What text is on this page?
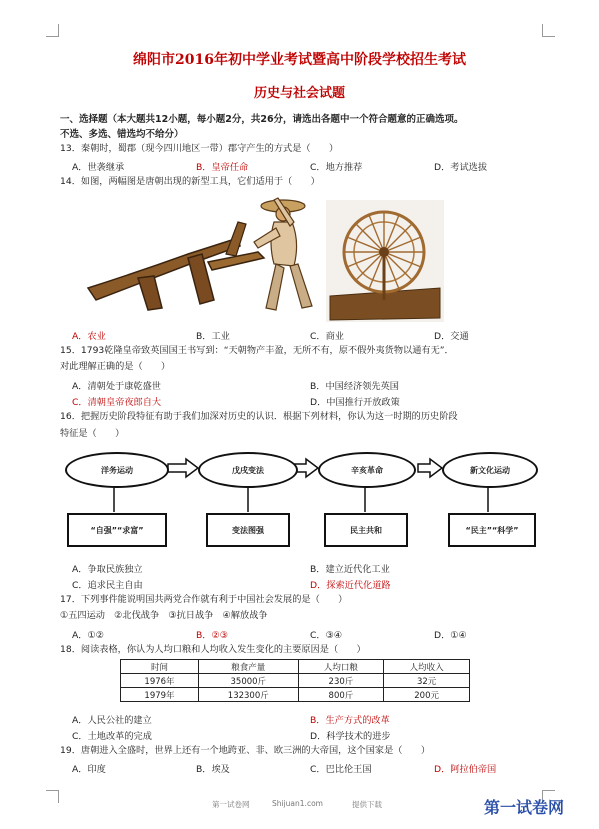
绵阳市2016年初中学业考试暨高中阶段学校招生考试
历史与社会试题
一、选择题（本大题共12小题，每小题2分，共26分，请选出各题中一个符合题意的正确选项。
不选、多选、错选均不给分）
13．秦朝时，蜀郡（现今四川地区一带）郡守产生的方式是（　　）
A．世袭继承	B．皇帝任命	C．地方推荐	D．考试选拔
14．如图，两幅图是唐朝出现的新型工具，它们适用于（　　）
A．农业	B．工业	C．商业	D．交通
15．1793乾隆皇帝致英国国王书写到：“天朝物产丰盈，无所不有，原不假外夷货物以通有无”．
对此理解正确的是（　　）
A．清朝处于康乾盛世	B．中国经济领先英国
C．清朝皇帝夜郎自大	D．中国推行开放政策
16．把握历史阶段特征有助于我们加深对历史的认识．根据下列材料，你认为这一时期的历史阶段
特征是（　　）
洋务运动	戊戌变法	辛亥革命	新文化运动
“自强”“求富”	变法图强	民主共和	“民主”“科学”
A．争取民族独立	B．建立近代化工业
C．追求民主自由	D．探索近代化道路
17．下列事件能说明国共两党合作就有利于中国社会发展的是（　　）
①五四运动　②北伐战争　③抗日战争　④解放战争
A．①②	B．②③	C．③④	D．①④
18．阅读表格，你认为人均口粮和人均收入发生变化的主要原因是（　　）
时间	粮食产量	人均口粮	人均收入
1976年	35000斤	230斤	32元
1979年	132300斤	800斤	200元
A．人民公社的建立	B．生产方式的改革
C．土地改革的完成	D．科学技术的进步
19．唐朝进入全盛时，世界上还有一个地跨亚、非、欧三洲的大帝国，这个国家是（　　）
A．印度	B．埃及	C．巴比伦王国	D．阿拉伯帝国
第一试卷网	Shijuan1.com	提供下载	第一试卷网
